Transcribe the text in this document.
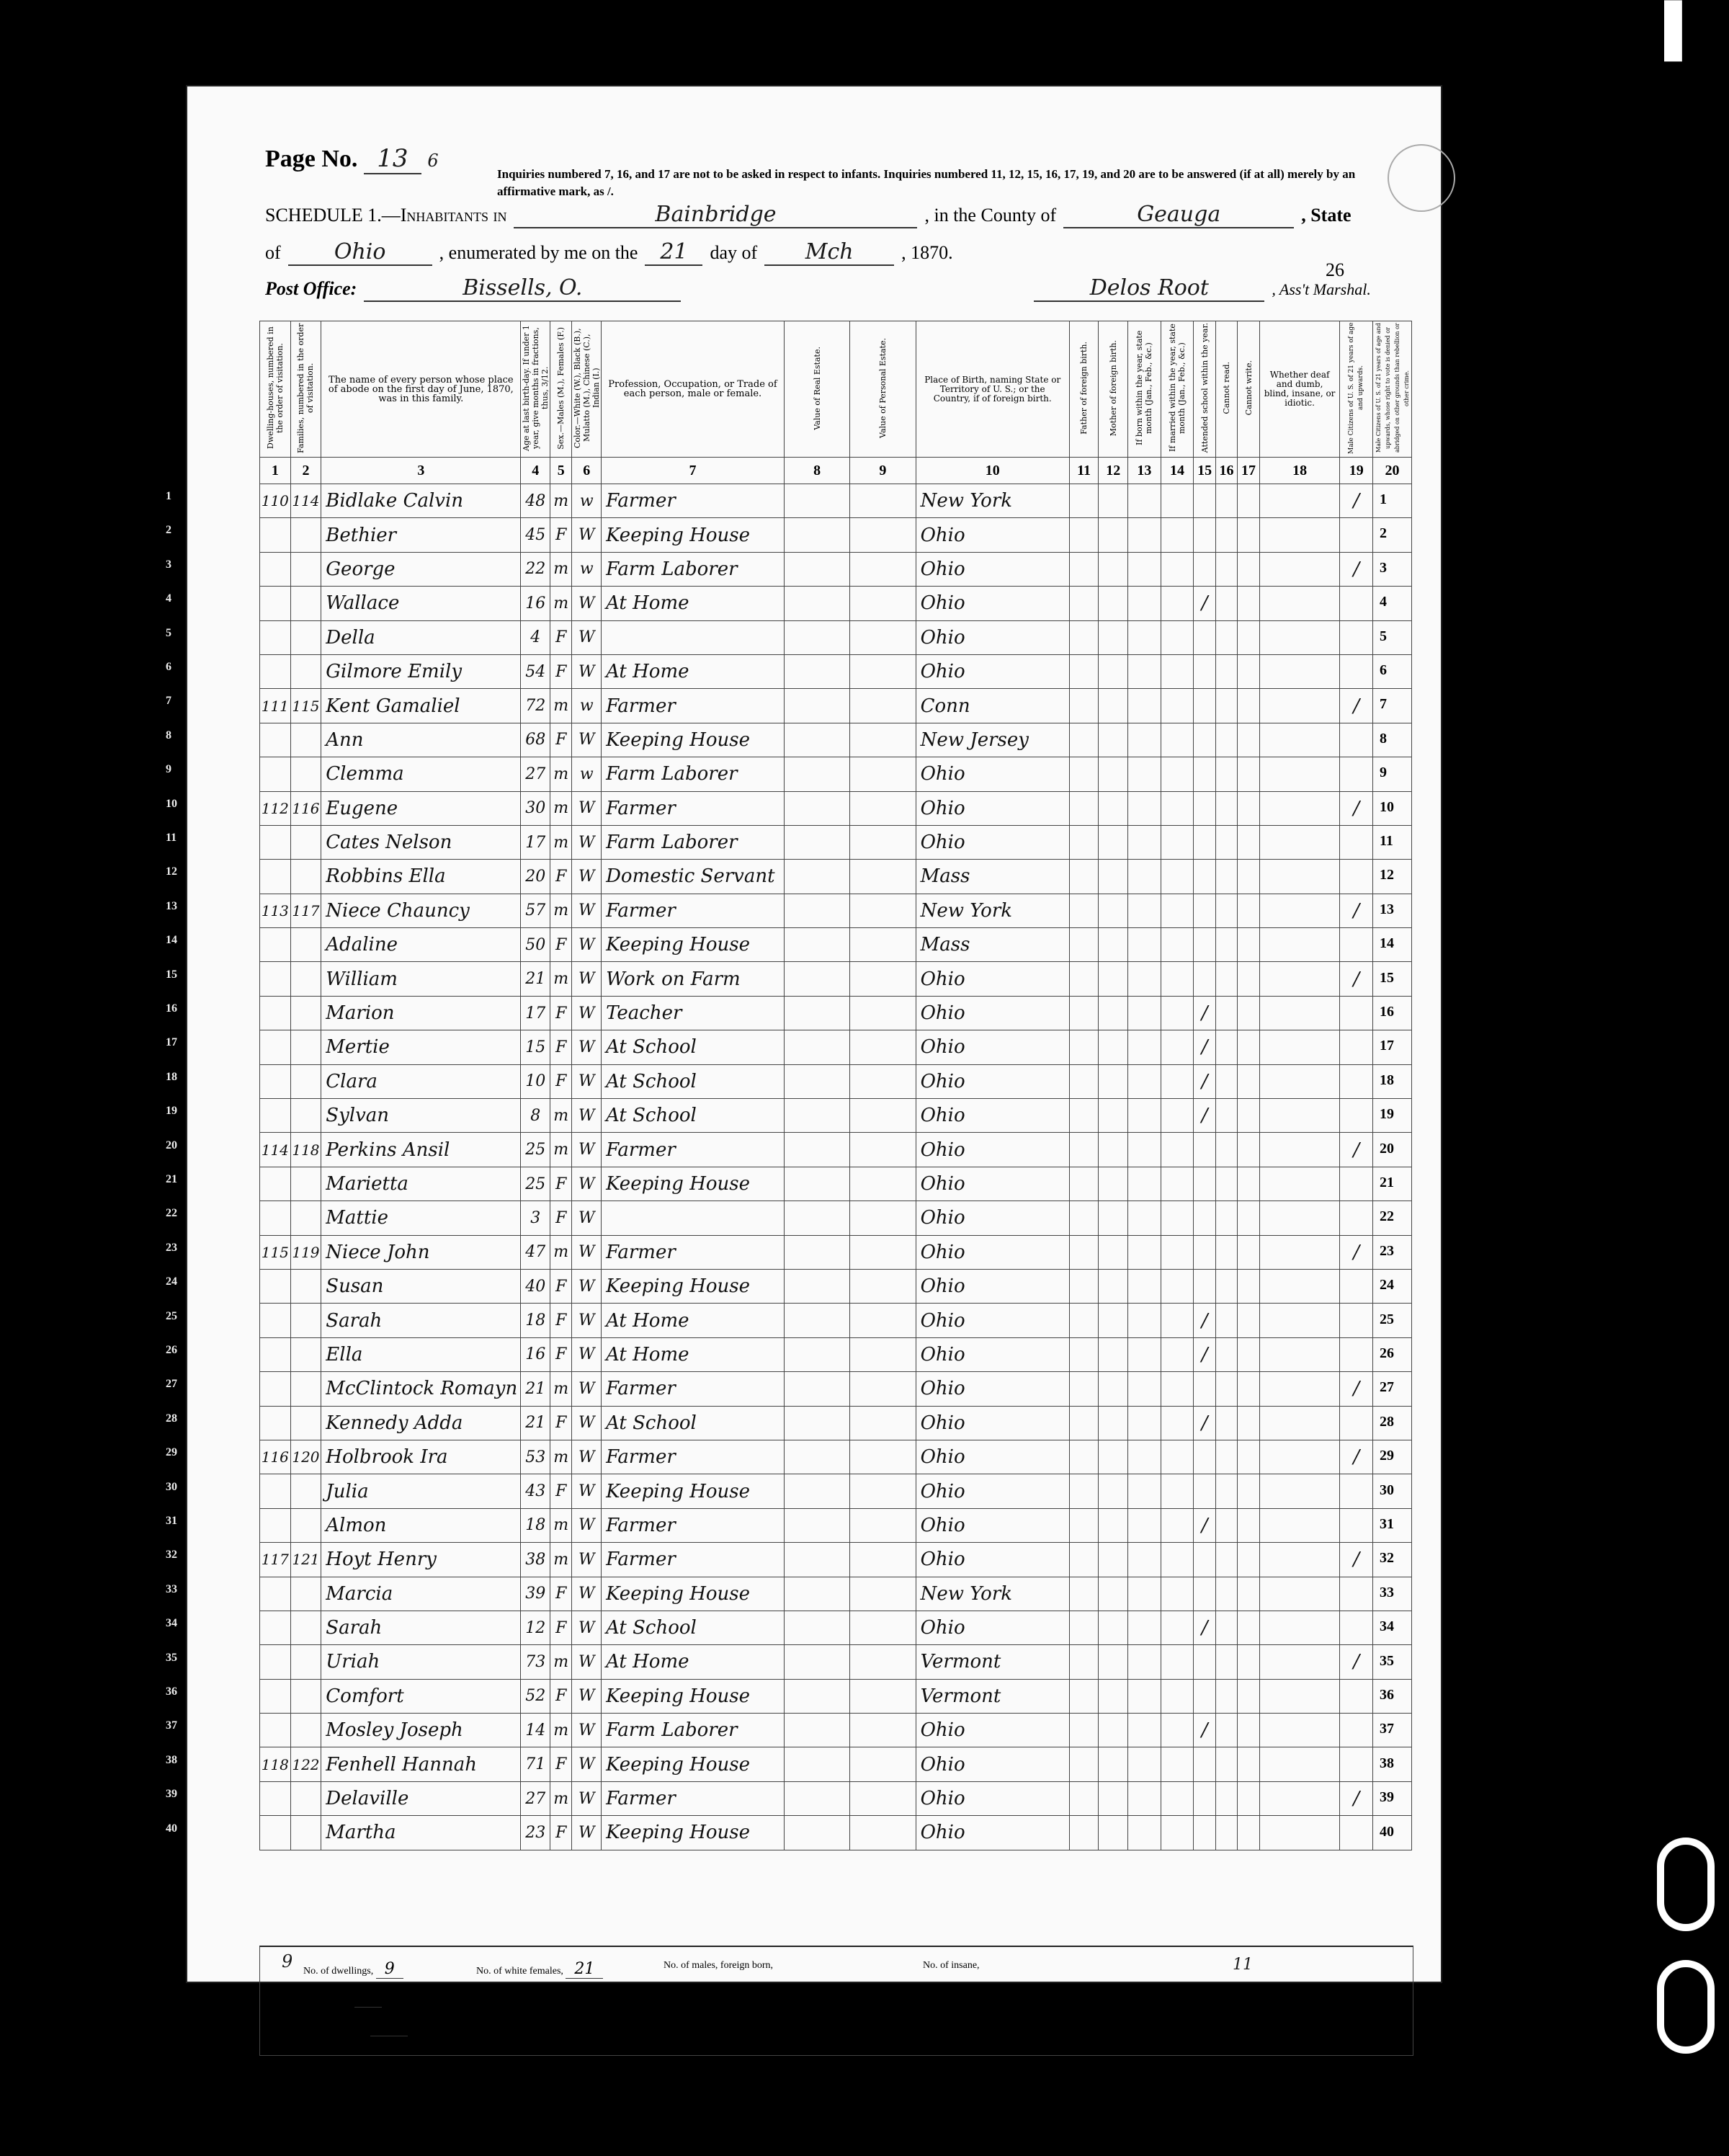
Page No. 13 6
Inquiries numbered 7, 16, and 17 are not to be asked in respect to infants. Inquiries numbered 11, 12, 15, 16, 17, 19, and 20 are to be answered (if at all) merely by an affirmative mark, as /.
SCHEDULE 1.—Inhabitants in	Bainbridge	, in the County of	Geauga	, State
of	Ohio	, enumerated by me on the	21	day of	Mch	, 1870.
Post Office:	Bissells, O.	Delos Root	, Ass't Marshal.
26
Dwelling-houses, numbered in the order of visitation.	Families, numbered in the order of visitation.	The name of every person whose place of abode on the first day of June, 1870, was in this family.	Age at last birth-day. If under 1 year, give months in fractions, thus, 3/12.	Sex.—Males (M.), Females (F.)	Color.—White (W.), Black (B.), Mulatto (M.), Chinese (C.), Indian (I.)	Profession, Occupation, or Trade of each person, male or female.	Value of Real Estate.	Value of Personal Estate.	Place of Birth, naming State or Territory of U. S.; or the Country, if of foreign birth.	Father of foreign birth.	Mother of foreign birth.	If born within the year, state month (Jan., Feb., &c.)	If married within the year, state month (Jan., Feb., &c.)	Attended school within the year.	Cannot read.	Cannot write.	Whether deaf and dumb, blind, insane, or idiotic.	Male Citizens of U. S. of 21 years of age and upwards.	Male Citizens of U. S. of 21 years of age and upwards, whose right to vote is denied or abridged on other grounds than rebellion or other crime.
1	2	3	4	5	6	7	8	9	10	11	12	13	14	15	16	17	18	19	20
110	114	Bidlake Calvin	48	m	w	Farmer			New York									/	
		Bethier	45	F	W	Keeping House			Ohio										
		George	22	m	w	Farm Laborer			Ohio									/	
		Wallace	16	m	W	At Home			Ohio					/					
		Della	4	F	W				Ohio										
		Gilmore Emily	54	F	W	At Home			Ohio										
111	115	Kent Gamaliel	72	m	w	Farmer			Conn									/	
		Ann	68	F	W	Keeping House			New Jersey										
		Clemma	27	m	w	Farm Laborer			Ohio										
112	116	Eugene	30	m	W	Farmer			Ohio									/	
		Cates Nelson	17	m	W	Farm Laborer			Ohio										
		Robbins Ella	20	F	W	Domestic Servant			Mass										
113	117	Niece Chauncy	57	m	W	Farmer			New York									/	
		Adaline	50	F	W	Keeping House			Mass										
		William	21	m	W	Work on Farm			Ohio									/	
		Marion	17	F	W	Teacher			Ohio					/					
		Mertie	15	F	W	At School			Ohio					/					
		Clara	10	F	W	At School			Ohio					/					
		Sylvan	8	m	W	At School			Ohio					/					
114	118	Perkins Ansil	25	m	W	Farmer			Ohio									/	
		Marietta	25	F	W	Keeping House			Ohio										
		Mattie	3	F	W				Ohio										
115	119	Niece John	47	m	W	Farmer			Ohio									/	
		Susan	40	F	W	Keeping House			Ohio										
		Sarah	18	F	W	At Home			Ohio					/					
		Ella	16	F	W	At Home			Ohio					/					
		McClintock Romayn	21	m	W	Farmer			Ohio									/	
		Kennedy Adda	21	F	W	At School			Ohio					/					
116	120	Holbrook Ira	53	m	W	Farmer			Ohio									/	
		Julia	43	F	W	Keeping House			Ohio										
		Almon	18	m	W	Farmer			Ohio					/					
117	121	Hoyt Henry	38	m	W	Farmer			Ohio									/	
		Marcia	39	F	W	Keeping House			New York										
		Sarah	12	F	W	At School			Ohio					/					
		Uriah	73	m	W	At Home			Vermont									/	
		Comfort	52	F	W	Keeping House			Vermont										
		Mosley Joseph	14	m	W	Farm Laborer			Ohio					/					
118	122	Fenhell Hannah	71	F	W	Keeping House			Ohio										
		Delaville	27	m	W	Farmer			Ohio									/	
		Martha	23	F	W	Keeping House			Ohio										
9 No. of dwellings, 9
" " families, 9
" " white males, 19
No. of white females, 21
" " colored males,
" " " females,
No. of males, foreign born,
" " females, "
" " blind,
No. of insane,	11
1	1
2	2
3	3
4	4
5	5
6	6
7	7
8	8
9	9
10	10
11	11
12	12
13	13
14	14
15	15
16	16
17	17
18	18
19	19
20	20
21	21
22	22
23	23
24	24
25	25
26	26
27	27
28	28
29	29
30	30
31	31
32	32
33	33
34	34
35	35
36	36
37	37
38	38
39	39
40	40
▌
